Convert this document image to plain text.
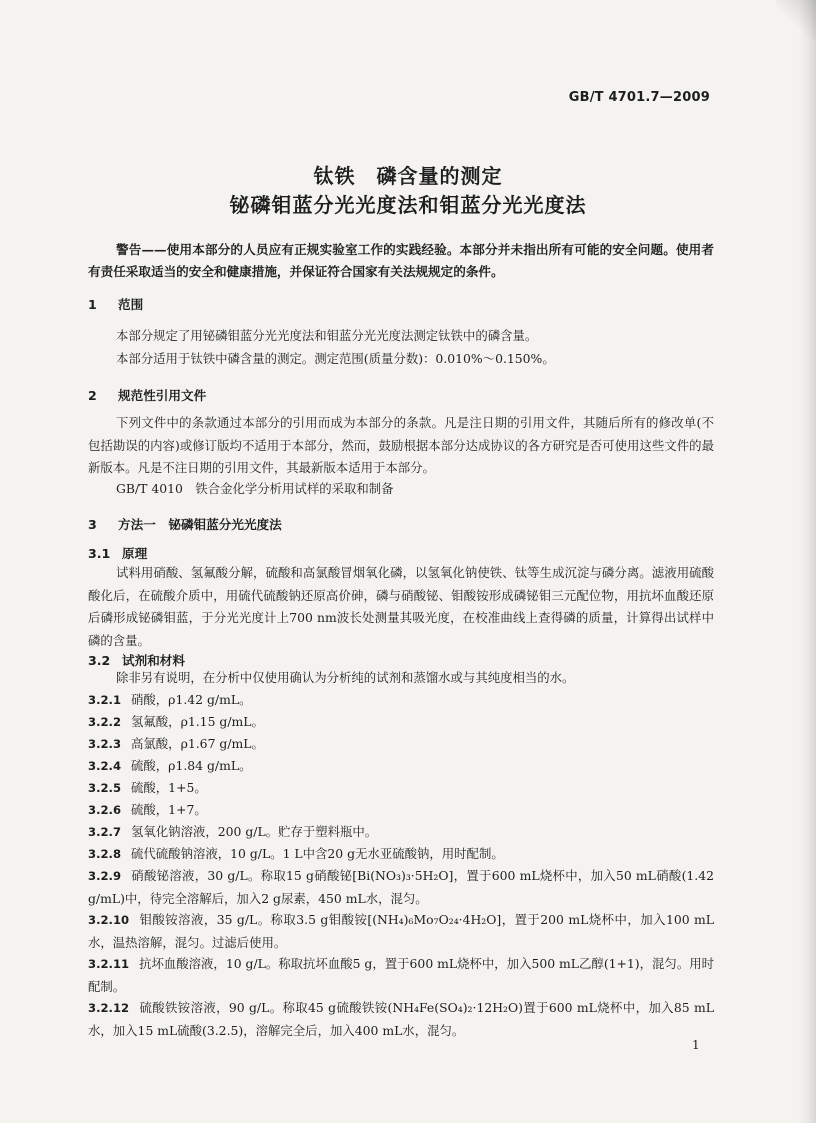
GB/T 4701.7—2009
钛铁　磷含量的测定
铋磷钼蓝分光光度法和钼蓝分光光度法
警告——使用本部分的人员应有正规实验室工作的实践经验。本部分并未指出所有可能的安全问题。使用者有责任采取适当的安全和健康措施，并保证符合国家有关法规规定的条件。
1 范围
本部分规定了用铋磷钼蓝分光光度法和钼蓝分光光度法测定钛铁中的磷含量。
本部分适用于钛铁中磷含量的测定。测定范围(质量分数)：0.010%～0.150%。
2 规范性引用文件
下列文件中的条款通过本部分的引用而成为本部分的条款。凡是注日期的引用文件，其随后所有的修改单(不包括勘误的内容)或修订版均不适用于本部分，然而，鼓励根据本部分达成协议的各方研究是否可使用这些文件的最新版本。凡是不注日期的引用文件，其最新版本适用于本部分。
GB/T 4010　铁合金化学分析用试样的采取和制备
3 方法一　铋磷钼蓝分光光度法
3.1 原理
试料用硝酸、氢氟酸分解，硫酸和高氯酸冒烟氧化磷，以氢氧化钠使铁、钛等生成沉淀与磷分离。滤液用硫酸酸化后，在硫酸介质中，用硫代硫酸钠还原高价砷，磷与硝酸铋、钼酸铵形成磷铋钼三元配位物，用抗坏血酸还原后磷形成铋磷钼蓝，于分光光度计上700 nm波长处测量其吸光度，在校准曲线上查得磷的质量，计算得出试样中磷的含量。
3.2 试剂和材料
除非另有说明，在分析中仅使用确认为分析纯的试剂和蒸馏水或与其纯度相当的水。
3.2.1 硝酸，ρ1.42 g/mL。
3.2.2 氢氟酸，ρ1.15 g/mL。
3.2.3 高氯酸，ρ1.67 g/mL。
3.2.4 硫酸，ρ1.84 g/mL。
3.2.5 硫酸，1+5。
3.2.6 硫酸，1+7。
3.2.7 氢氧化钠溶液，200 g/L。贮存于塑料瓶中。
3.2.8 硫代硫酸钠溶液，10 g/L。1 L中含20 g无水亚硫酸钠，用时配制。
3.2.9 硝酸铋溶液，30 g/L。称取15 g硝酸铋[Bi(NO₃)₃·5H₂O]，置于600 mL烧杯中，加入50 mL硝酸(1.42 g/mL)中，待完全溶解后，加入2 g尿素，450 mL水，混匀。
3.2.10 钼酸铵溶液，35 g/L。称取3.5 g钼酸铵[(NH₄)₆Mo₇O₂₄·4H₂O]，置于200 mL烧杯中，加入100 mL水，温热溶解，混匀。过滤后使用。
3.2.11 抗坏血酸溶液，10 g/L。称取抗坏血酸5 g，置于600 mL烧杯中，加入500 mL乙醇(1+1)，混匀。用时配制。
3.2.12 硫酸铁铵溶液，90 g/L。称取45 g硫酸铁铵(NH₄Fe(SO₄)₂·12H₂O)置于600 mL烧杯中，加入85 mL水，加入15 mL硫酸(3.2.5)，溶解完全后，加入400 mL水，混匀。
1
